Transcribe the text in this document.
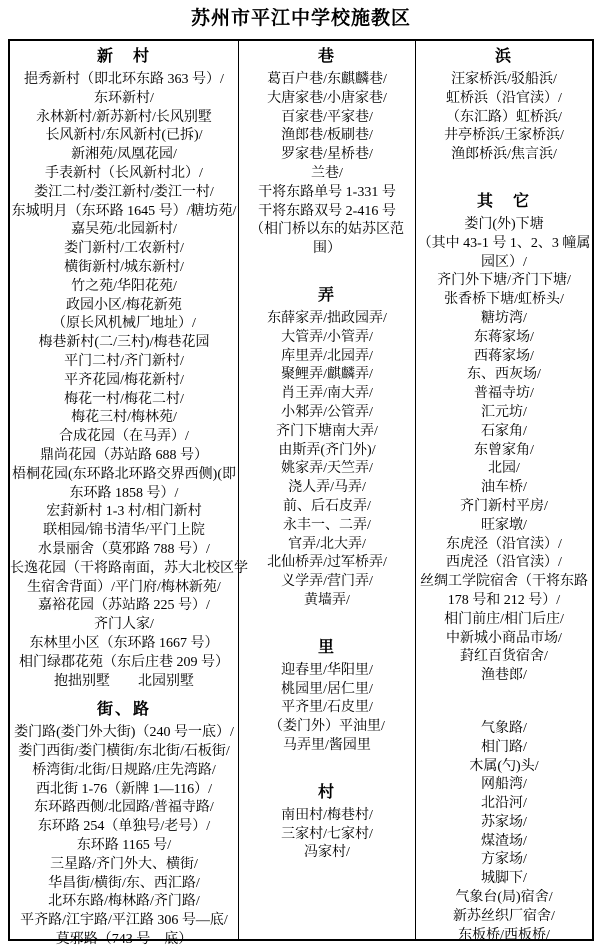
苏州市平江中学校施教区
新　村
挹秀新村（即北环东路 363 号）/
东环新村/
永林新村/新苏新村/长风别墅
长风新村/东风新村(已拆)/
新湘苑/凤凰花园/
手表新村（长风新村北）/
娄江二村/娄江新村/娄江一村/
东城明月（东环路 1645 号）/糖坊苑/
嘉吴苑/北园新村/
娄门新村/工农新村/
横街新村/城东新村/
竹之苑/华阳花苑/
政园小区/梅花新苑
（原长风机械厂地址）/
梅巷新村(二/三村)/梅巷花园
平门二村/齐门新村/
平齐花园/梅花新村/
梅花一村/梅花二村/
梅花三村/梅林苑/
合成花园（在马弄）/
鼎尚花园（苏站路 688 号）
梧桐花园(东环路北环路交界西侧)(即
东环路 1858 号）/
宏葑新村 1-3 村/相门新村
联相园/锦书清华/平门上院
水景丽舍（莫邪路 788 号）/
长逸花园（干将路南面，苏大北校区学
生宿舍背面）/平门府/梅林新苑/
嘉裕花园（苏站路 225 号）/
齐门人家/
东林里小区（东环路 1667 号）
相门绿郡花苑（东后庄巷 209 号）
抱拙别墅　　北园别墅
街、路
娄门路(娄门外大街)（240 号一底）/
娄门西街/娄门横街/东北街/石板街/
桥湾街/北街/日规路/庄先湾路/
西北街 1-76（新牌 1—116）/
东环路西侧/北园路/普福寺路/
东环路 254（单独号/老号）/
东环路 1165 号/
三星路/齐门外大、横街/
华昌街/横街/东、西汇路/
北环东路/梅林路/齐门路/
平齐路/江宇路/平江路 306 号—底/
莫邪路（743 号—底）
巷
葛百户巷/东麒麟巷/
大唐家巷/小唐家巷/
百家巷/平家巷/
渔郎巷/板刷巷/
罗家巷/星桥巷/
兰巷/
干将东路单号 1-331 号
干将东路双号 2-416 号
（相门桥以东的姑苏区范
围）
弄
东薛家弄/拙政园弄/
大管弄/小管弄/
库里弄/北园弄/
聚鲤弄/麒麟弄/
肖王弄/南大弄/
小邾弄/公管弄/
齐门下塘南大弄/
由斯弄(齐门外)/
姚家弄/天竺弄/
浇人弄/马弄/
前、后石皮弄/
永丰一、二弄/
官弄/北大弄/
北仙桥弄/过军桥弄/
义学弄/营门弄/
黄墙弄/
里
迎春里/华阳里/
桃园里/居仁里/
平齐里/石皮里/
（娄门外）平油里/
马弄里/酱园里
村
南田村/梅巷村/
三家村/七家村/
冯家村/
浜
汪家桥浜/驳船浜/
虹桥浜（沿官渎）/
（东汇路）虹桥浜/
井亭桥浜/王家桥浜/
渔郎桥浜/焦言浜/
其　它
娄门(外)下塘
（其中 43-1 号 1、2、3 幢属
园区）/
齐门外下塘/齐门下塘/
张香桥下塘/虹桥头/
糖坊湾/
东蒋家场/
西蒋家场/
东、西灰场/
普福寺坊/
汇元坊/
石家角/
东曾家角/
北园/
油车桥/
齐门新村平房/
旺家墩/
东虎泾（沿官渎）/
西虎泾（沿官渎）/
丝绸工学院宿舍（干将东路
178 号和 212 号）/
相门前庄/相门后庄/
中新城小商品市场/
葑红百货宿舍/
渔巷郎/
气象路/
相门路/
木属(勺)头/
网船湾/
北沿河/
苏家场/
煤渣场/
方家场/
城脚下/
气象台(局)宿舍/
新苏丝织厂宿舍/
东板桥/西板桥/
